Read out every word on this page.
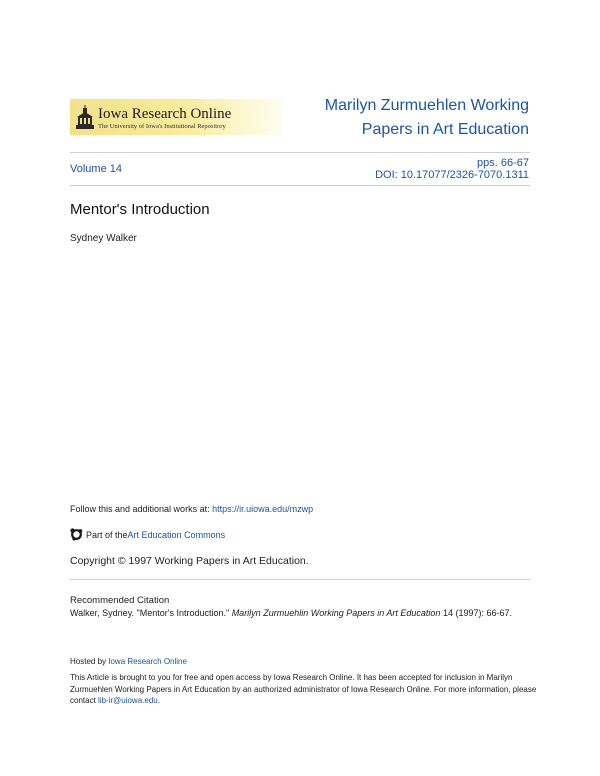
Iowa Research Online
The University of Iowa's Institutional Repository
Marilyn Zurmuehlen Working
Papers in Art Education
Volume 14	pps. 66-67
DOI: 10.17077/2326-7070.1311
Mentor's Introduction
Sydney Walker
Follow this and additional works at: https://ir.uiowa.edu/mzwp
Part of the Art Education Commons
Copyright © 1997 Working Papers in Art Education.
Recommended Citation
Walker, Sydney. "Mentor's Introduction." Marilyn Zurmuehlin Working Papers in Art Education 14 (1997): 66-67.
Hosted by Iowa Research Online
This Article is brought to you for free and open access by Iowa Research Online. It has been accepted for inclusion in Marilyn Zurmuehlen Working Papers in Art Education by an authorized administrator of Iowa Research Online. For more information, please contact lib-ir@uiowa.edu.
